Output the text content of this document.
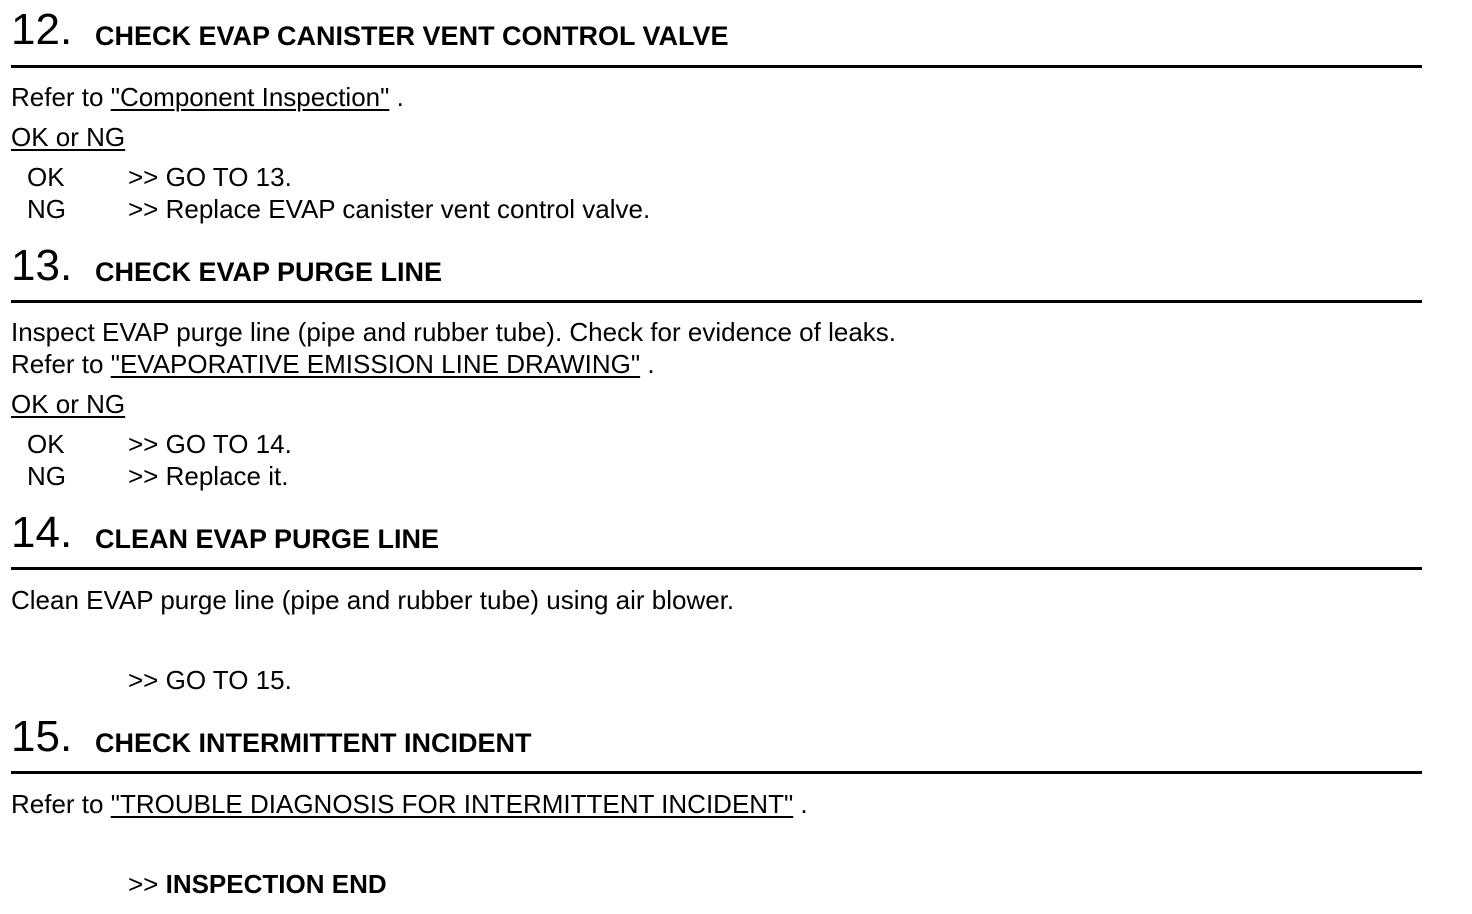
12. CHECK EVAP CANISTER VENT CONTROL VALVE
Refer to "Component Inspection" .
OK or NG
OK >> GO TO 13.
NG >> Replace EVAP canister vent control valve.
13. CHECK EVAP PURGE LINE
Inspect EVAP purge line (pipe and rubber tube). Check for evidence of leaks.
Refer to "EVAPORATIVE EMISSION LINE DRAWING" .
OK or NG
OK >> GO TO 14.
NG >> Replace it.
14. CLEAN EVAP PURGE LINE
Clean EVAP purge line (pipe and rubber tube) using air blower.
>> GO TO 15.
15. CHECK INTERMITTENT INCIDENT
Refer to "TROUBLE DIAGNOSIS FOR INTERMITTENT INCIDENT" .
>> INSPECTION END
